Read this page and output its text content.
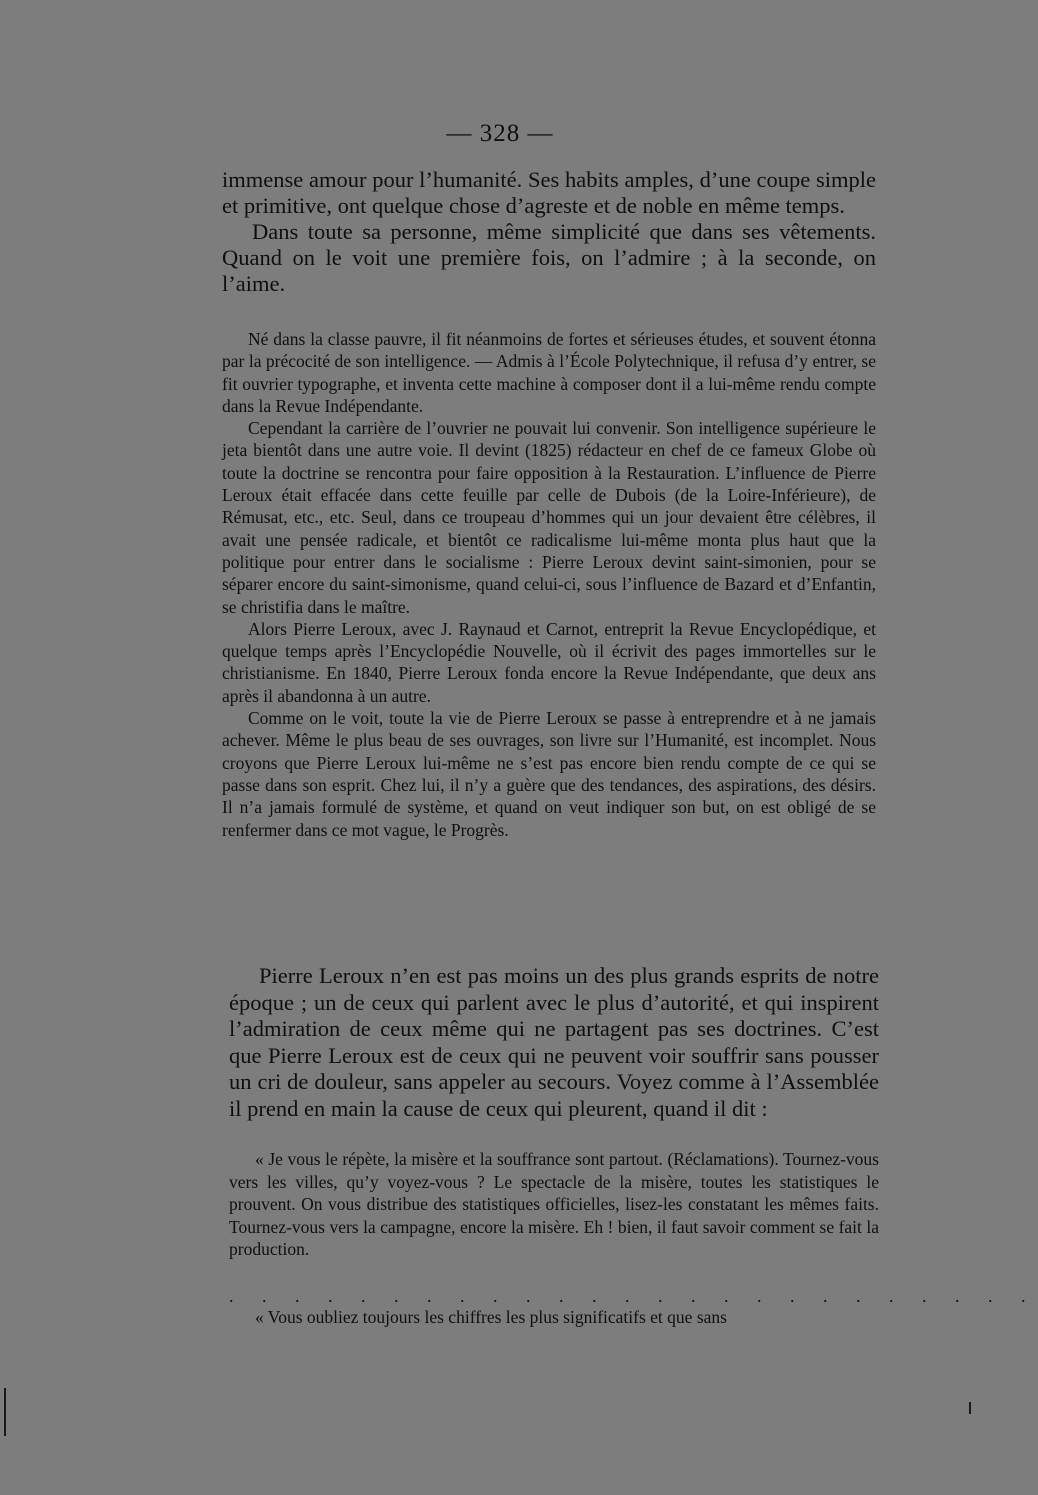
— 328 —

immense amour pour l’humanité. Ses habits amples, d’une coupe simple et primitive, ont quelque chose d’agreste et de noble en même temps.

Dans toute sa personne, même simplicité que dans ses vêtements. Quand on le voit une première fois, on l’admire ; à la seconde, on l’aime.

Né dans la classe pauvre, il fit néanmoins de fortes et sérieuses études, et souvent étonna par la précocité de son intelligence. — Admis à l’École Polytechnique, il refusa d’y entrer, se fit ouvrier typographe, et inventa cette machine à composer dont il a lui-même rendu compte dans la Revue Indépendante.

Cependant la carrière de l’ouvrier ne pouvait lui convenir. Son intelligence supérieure le jeta bientôt dans une autre voie. Il devint (1825) rédacteur en chef de ce fameux Globe où toute la doctrine se rencontra pour faire opposition à la Restauration. L’influence de Pierre Leroux était effacée dans cette feuille par celle de Dubois (de la Loire-Inférieure), de Rémusat, etc., etc. Seul, dans ce troupeau d’hommes qui un jour devaient être célèbres, il avait une pensée radicale, et bientôt ce radicalisme lui-même monta plus haut que la politique pour entrer dans le socialisme : Pierre Leroux devint saint-simonien, pour se séparer encore du saint-simonisme, quand celui-ci, sous l’influence de Bazard et d’Enfantin, se christifia dans le maître.

Alors Pierre Leroux, avec J. Raynaud et Carnot, entreprit la Revue Encyclopédique, et quelque temps après l’Encyclopédie Nouvelle, où il écrivit des pages immortelles sur le christianisme. En 1840, Pierre Leroux fonda encore la Revue Indépendante, que deux ans après il abandonna à un autre.

Comme on le voit, toute la vie de Pierre Leroux se passe à entreprendre et à ne jamais achever. Même le plus beau de ses ouvrages, son livre sur l’Humanité, est incomplet. Nous croyons que Pierre Leroux lui-même ne s’est pas encore bien rendu compte de ce qui se passe dans son esprit. Chez lui, il n’y a guère que des tendances, des aspirations, des désirs. Il n’a jamais formulé de système, et quand on veut indiquer son but, on est obligé de se renfermer dans ce mot vague, le Progrès.

Pierre Leroux n’en est pas moins un des plus grands esprits de notre époque ; un de ceux qui parlent avec le plus d’autorité, et qui inspirent l’admiration de ceux même qui ne partagent pas ses doctrines. C’est que Pierre Leroux est de ceux qui ne peuvent voir souffrir sans pousser un cri de douleur, sans appeler au secours. Voyez comme à l’Assemblée il prend en main la cause de ceux qui pleurent, quand il dit :

« Je vous le répète, la misère et la souffrance sont partout. (Réclamations). Tournez-vous vers les villes, qu’y voyez-vous ? Le spectacle de la misère, toutes les statistiques le prouvent. On vous distribue des statistiques officielles, lisez-les constatant les mêmes faits. Tournez-vous vers la campagne, encore la misère. Eh ! bien, il faut savoir comment se fait la production.

. . . . . . . . . . . . . . . . . . . . . . . . .
« Vous oubliez toujours les chiffres les plus significatifs et que sans
